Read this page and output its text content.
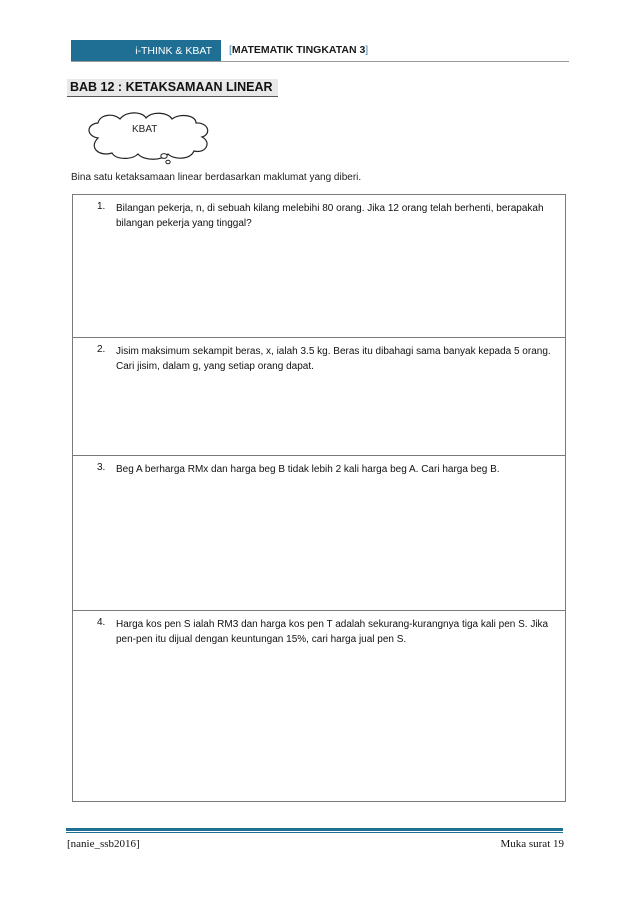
i-THINK & KBAT [MATEMATIK TINGKATAN 3]
BAB 12 : KETAKSAMAAN LINEAR
KBAT
Bina satu ketaksamaan linear berdasarkan maklumat yang diberi.
1. Bilangan pekerja, n, di sebuah kilang melebihi 80 orang. Jika 12 orang telah berhenti, berapakah bilangan pekerja yang tinggal?
2. Jisim maksimum sekampit beras, x, ialah 3.5 kg. Beras itu dibahagi sama banyak kepada 5 orang. Cari jisim, dalam g, yang setiap orang dapat.
3. Beg A berharga RMx dan harga beg B tidak lebih 2 kali harga beg A. Cari harga beg B.
4. Harga kos pen S ialah RM3 dan harga kos pen T adalah sekurang-kurangnya tiga kali pen S. Jika pen-pen itu dijual dengan keuntungan 15%, cari harga jual pen S.
[nanie_ssb2016]	Muka surat 19
